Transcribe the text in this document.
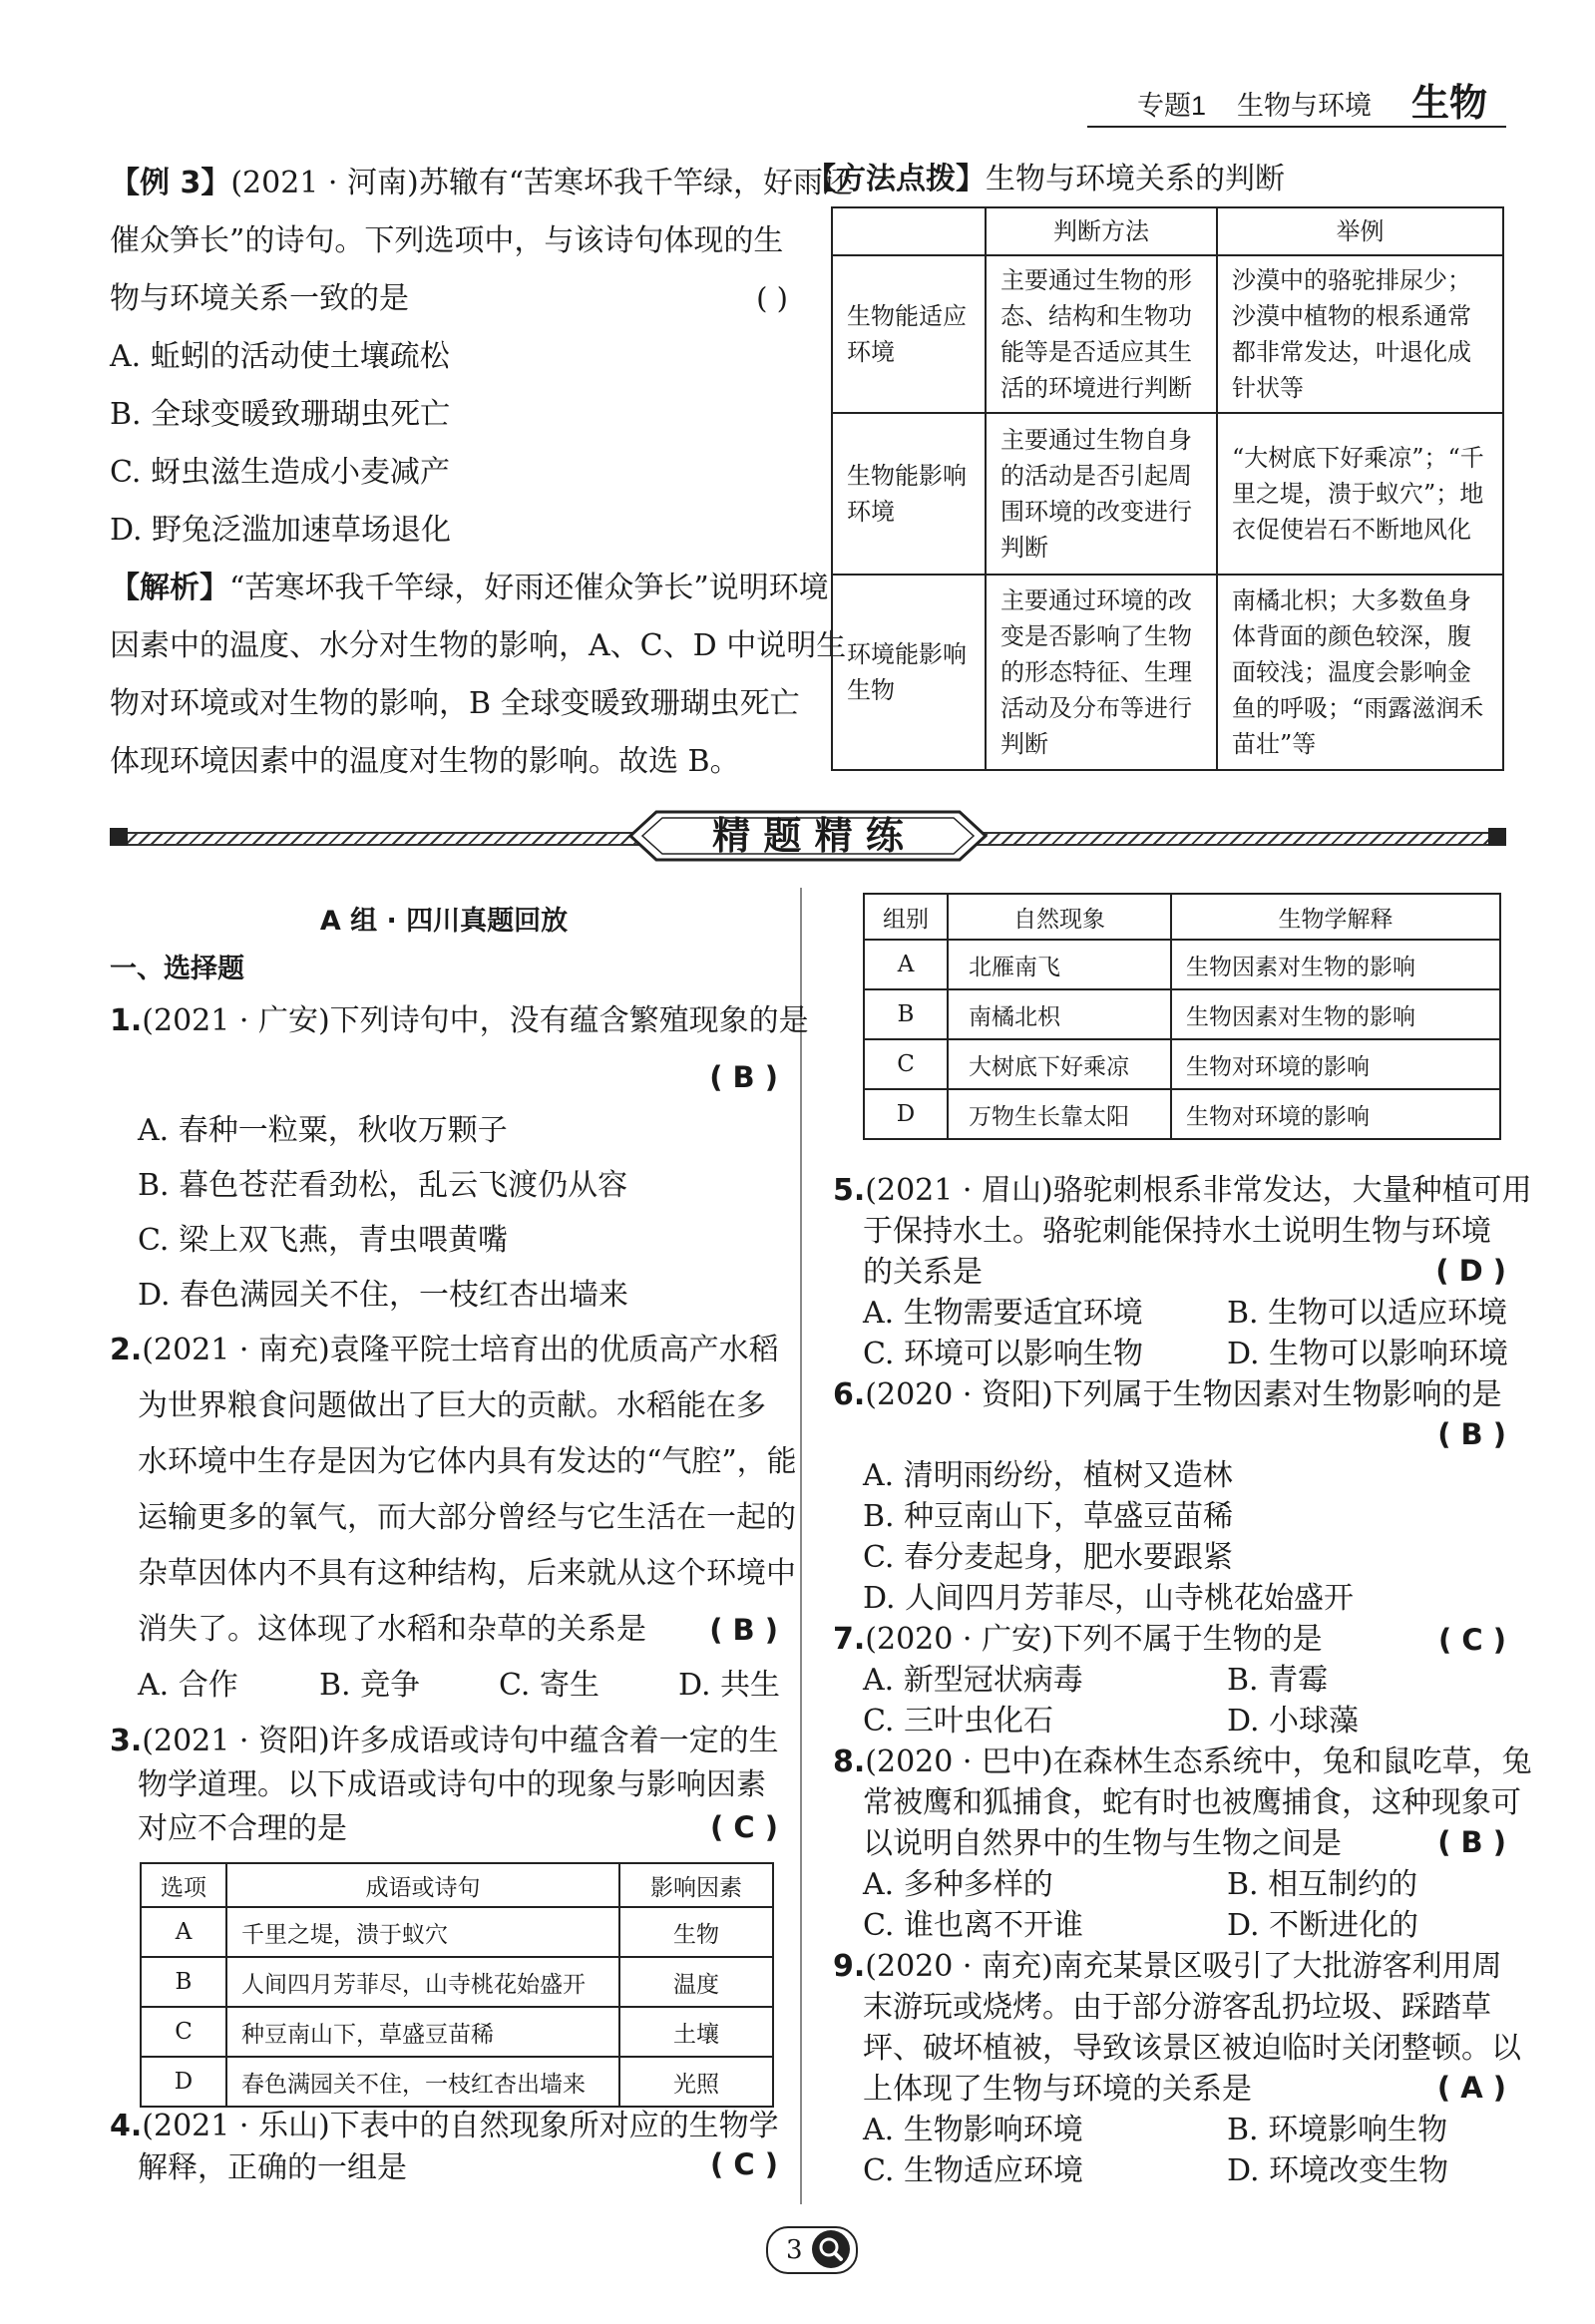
专题1 生物与环境 生物
【例 3】(2021 · 河南)苏辙有“苦寒坏我千竿绿，好雨还
催众笋长”的诗句。下列选项中，与该诗句体现的生
物与环境关系一致的是	( )
A. 蚯蚓的活动使土壤疏松
B. 全球变暖致珊瑚虫死亡
C. 蚜虫滋生造成小麦减产
D. 野兔泛滥加速草场退化
【解析】“苦寒坏我千竿绿，好雨还催众笋长”说明环境
因素中的温度、水分对生物的影响，A、C、D 中说明生
物对环境或对生物的影响，B 全球变暖致珊瑚虫死亡
体现环境因素中的温度对生物的影响。故选 B。
【方法点拨】生物与环境关系的判断
	判断方法	举例
生物能适应环境	主要通过生物的形态、结构和生物功能等是否适应其生活的环境进行判断	沙漠中的骆驼排尿少；沙漠中植物的根系通常都非常发达，叶退化成针状等
生物能影响环境	主要通过生物自身的活动是否引起周围环境的改变进行判断	“大树底下好乘凉”；“千里之堤，溃于蚁穴”；地衣促使岩石不断地风化
环境能影响生物	主要通过环境的改变是否影响了生物的形态特征、生理活动及分布等进行判断	南橘北枳；大多数鱼身体背面的颜色较深，腹面较浅；温度会影响金鱼的呼吸；“雨露滋润禾苗壮”等
精 题 精 练
A 组 · 四川真题回放
一、选择题
1.(2021 · 广安)下列诗句中，没有蕴含繁殖现象的是
( B )
A. 春种一粒粟，秋收万颗子
B. 暮色苍茫看劲松，乱云飞渡仍从容
C. 梁上双飞燕，青虫喂黄嘴
D. 春色满园关不住，一枝红杏出墙来
2.(2021 · 南充)袁隆平院士培育出的优质高产水稻
为世界粮食问题做出了巨大的贡献。水稻能在多
水环境中生存是因为它体内具有发达的“气腔”，能
运输更多的氧气，而大部分曾经与它生活在一起的
杂草因体内不具有这种结构，后来就从这个环境中
消失了。这体现了水稻和杂草的关系是	( B )
A. 合作	B. 竞争	C. 寄生	D. 共生
3.(2021 · 资阳)许多成语或诗句中蕴含着一定的生
物学道理。以下成语或诗句中的现象与影响因素
对应不合理的是	( C )
选项	成语或诗句	影响因素
A	千里之堤，溃于蚁穴	生物
B	人间四月芳菲尽，山寺桃花始盛开	温度
C	种豆南山下，草盛豆苗稀	土壤
D	春色满园关不住，一枝红杏出墙来	光照
4.(2021 · 乐山)下表中的自然现象所对应的生物学
解释，正确的一组是	( C )
组别	自然现象	生物学解释
A	北雁南飞	生物因素对生物的影响
B	南橘北枳	生物因素对生物的影响
C	大树底下好乘凉	生物对环境的影响
D	万物生长靠太阳	生物对环境的影响
5.(2021 · 眉山)骆驼刺根系非常发达，大量种植可用
于保持水土。骆驼刺能保持水土说明生物与环境
的关系是	( D )
A. 生物需要适宜环境	B. 生物可以适应环境
C. 环境可以影响生物	D. 生物可以影响环境
6.(2020 · 资阳)下列属于生物因素对生物影响的是
( B )
A. 清明雨纷纷，植树又造林
B. 种豆南山下，草盛豆苗稀
C. 春分麦起身，肥水要跟紧
D. 人间四月芳菲尽，山寺桃花始盛开
7.(2020 · 广安)下列不属于生物的是	( C )
A. 新型冠状病毒	B. 青霉
C. 三叶虫化石	D. 小球藻
8.(2020 · 巴中)在森林生态系统中，兔和鼠吃草，兔
常被鹰和狐捕食，蛇有时也被鹰捕食，这种现象可
以说明自然界中的生物与生物之间是	( B )
A. 多种多样的	B. 相互制约的
C. 谁也离不开谁	D. 不断进化的
9.(2020 · 南充)南充某景区吸引了大批游客利用周
末游玩或烧烤。由于部分游客乱扔垃圾、踩踏草
坪、破坏植被，导致该景区被迫临时关闭整顿。以
上体现了生物与环境的关系是	( A )
A. 生物影响环境	B. 环境影响生物
C. 生物适应环境	D. 环境改变生物
3
